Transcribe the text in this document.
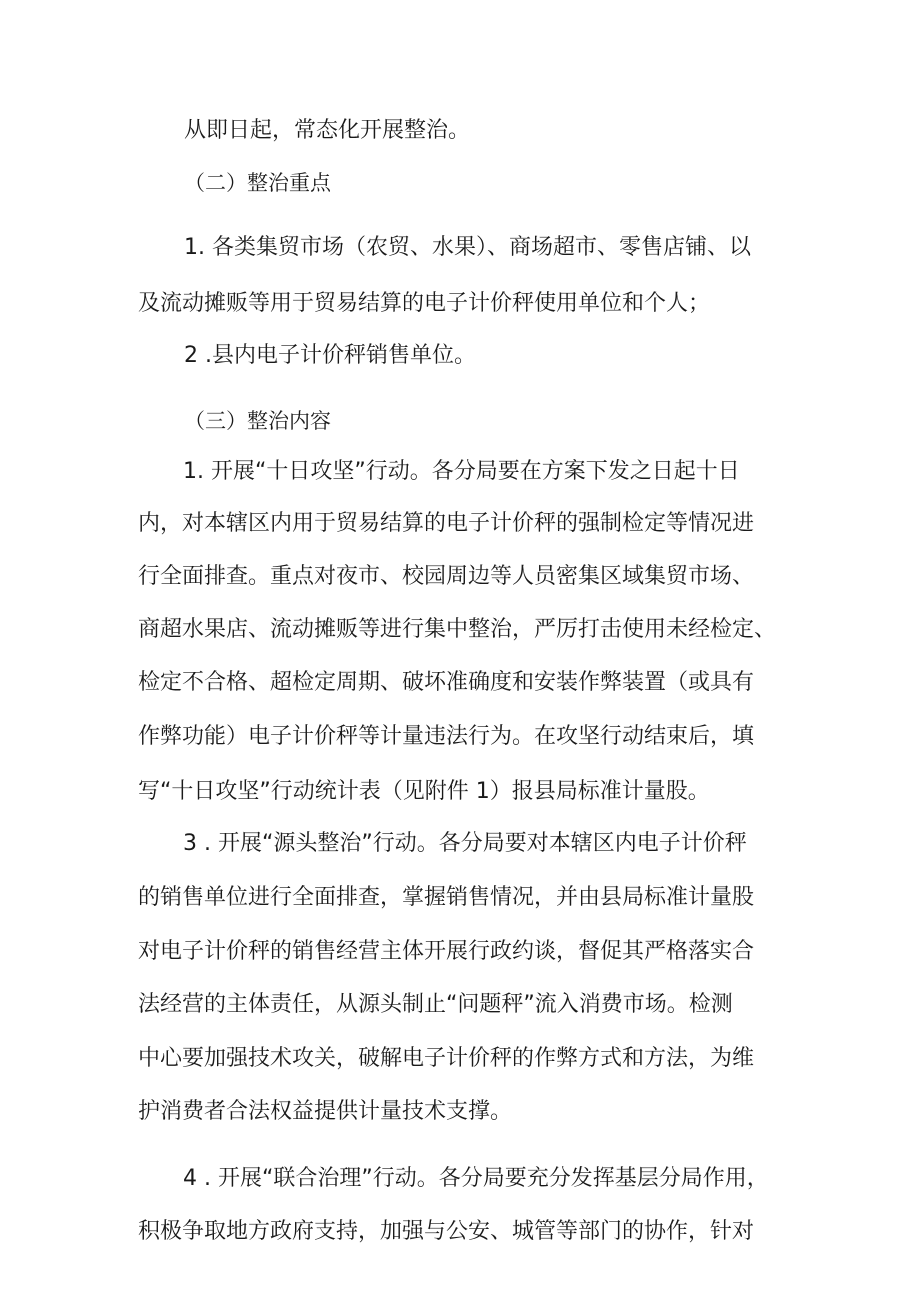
从即日起，常态化开展整治。

（二）整治重点

1. 各类集贸市场（农贸、水果）、商场超市、零售店铺、以

及流动摊贩等用于贸易结算的电子计价秤使用单位和个人；

2 .县内电子计价秤销售单位。

（三）整治内容

1. 开展“十日攻坚”行动。各分局要在方案下发之日起十日

内，对本辖区内用于贸易结算的电子计价秤的强制检定等情况进

行全面排查。重点对夜市、校园周边等人员密集区域集贸市场、

商超水果店、流动摊贩等进行集中整治，严厉打击使用未经检定、

检定不合格、超检定周期、破坏准确度和安装作弊装置（或具有

作弊功能）电子计价秤等计量违法行为。在攻坚行动结束后，填

写“十日攻坚”行动统计表（见附件 1）报县局标准计量股。

3 . 开展“源头整治”行动。各分局要对本辖区内电子计价秤

的销售单位进行全面排查，掌握销售情况，并由县局标准计量股

对电子计价秤的销售经营主体开展行政约谈，督促其严格落实合

法经营的主体责任，从源头制止“问题秤”流入消费市场。检测

中心要加强技术攻关，破解电子计价秤的作弊方式和方法，为维

护消费者合法权益提供计量技术支撑。

4 . 开展“联合治理”行动。各分局要充分发挥基层分局作用，

积极争取地方政府支持，加强与公安、城管等部门的协作，针对
